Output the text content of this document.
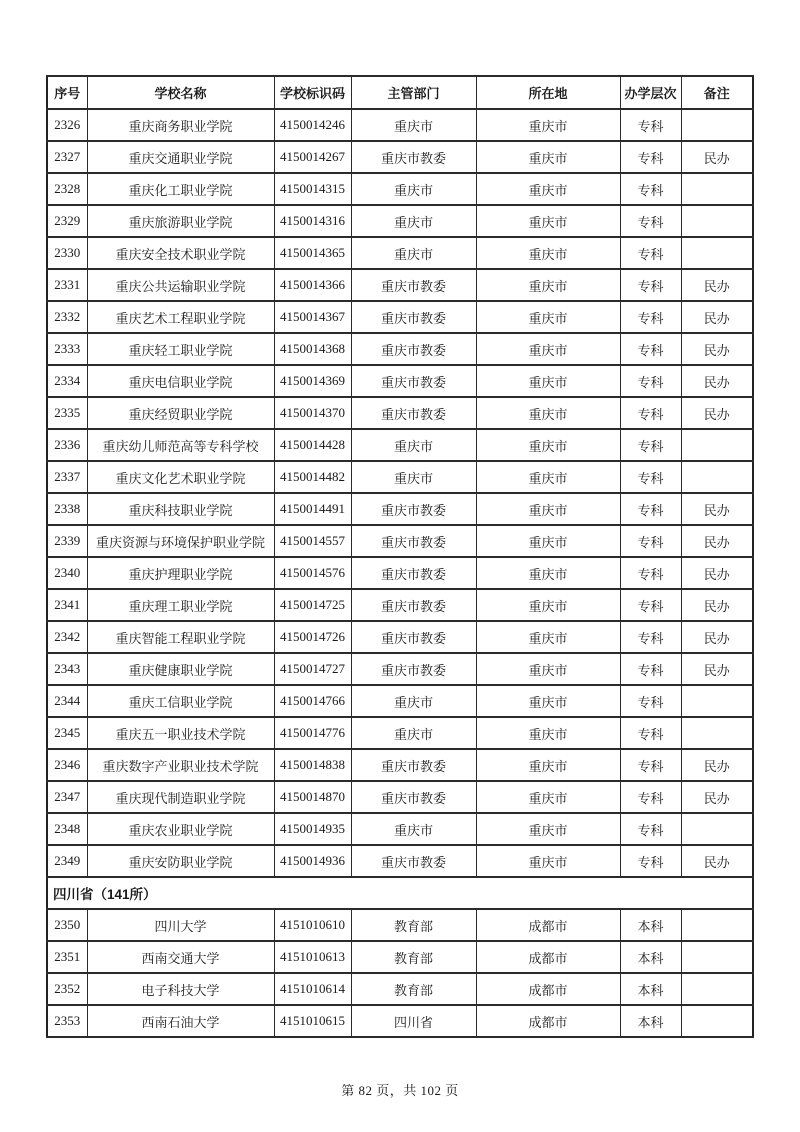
序号	学校名称	学校标识码	主管部门	所在地	办学层次	备注
2326	重庆商务职业学院	4150014246	重庆市	重庆市	专科	
2327	重庆交通职业学院	4150014267	重庆市教委	重庆市	专科	民办
2328	重庆化工职业学院	4150014315	重庆市	重庆市	专科	
2329	重庆旅游职业学院	4150014316	重庆市	重庆市	专科	
2330	重庆安全技术职业学院	4150014365	重庆市	重庆市	专科	
2331	重庆公共运输职业学院	4150014366	重庆市教委	重庆市	专科	民办
2332	重庆艺术工程职业学院	4150014367	重庆市教委	重庆市	专科	民办
2333	重庆轻工职业学院	4150014368	重庆市教委	重庆市	专科	民办
2334	重庆电信职业学院	4150014369	重庆市教委	重庆市	专科	民办
2335	重庆经贸职业学院	4150014370	重庆市教委	重庆市	专科	民办
2336	重庆幼儿师范高等专科学校	4150014428	重庆市	重庆市	专科	
2337	重庆文化艺术职业学院	4150014482	重庆市	重庆市	专科	
2338	重庆科技职业学院	4150014491	重庆市教委	重庆市	专科	民办
2339	重庆资源与环境保护职业学院	4150014557	重庆市教委	重庆市	专科	民办
2340	重庆护理职业学院	4150014576	重庆市教委	重庆市	专科	民办
2341	重庆理工职业学院	4150014725	重庆市教委	重庆市	专科	民办
2342	重庆智能工程职业学院	4150014726	重庆市教委	重庆市	专科	民办
2343	重庆健康职业学院	4150014727	重庆市教委	重庆市	专科	民办
2344	重庆工信职业学院	4150014766	重庆市	重庆市	专科	
2345	重庆五一职业技术学院	4150014776	重庆市	重庆市	专科	
2346	重庆数字产业职业技术学院	4150014838	重庆市教委	重庆市	专科	民办
2347	重庆现代制造职业学院	4150014870	重庆市教委	重庆市	专科	民办
2348	重庆农业职业学院	4150014935	重庆市	重庆市	专科	
2349	重庆安防职业学院	4150014936	重庆市教委	重庆市	专科	民办
四川省（141所）						
2350	四川大学	4151010610	教育部	成都市	本科	
2351	西南交通大学	4151010613	教育部	成都市	本科	
2352	电子科技大学	4151010614	教育部	成都市	本科	
2353	西南石油大学	4151010615	四川省	成都市	本科	
第 82 页，共 102 页
